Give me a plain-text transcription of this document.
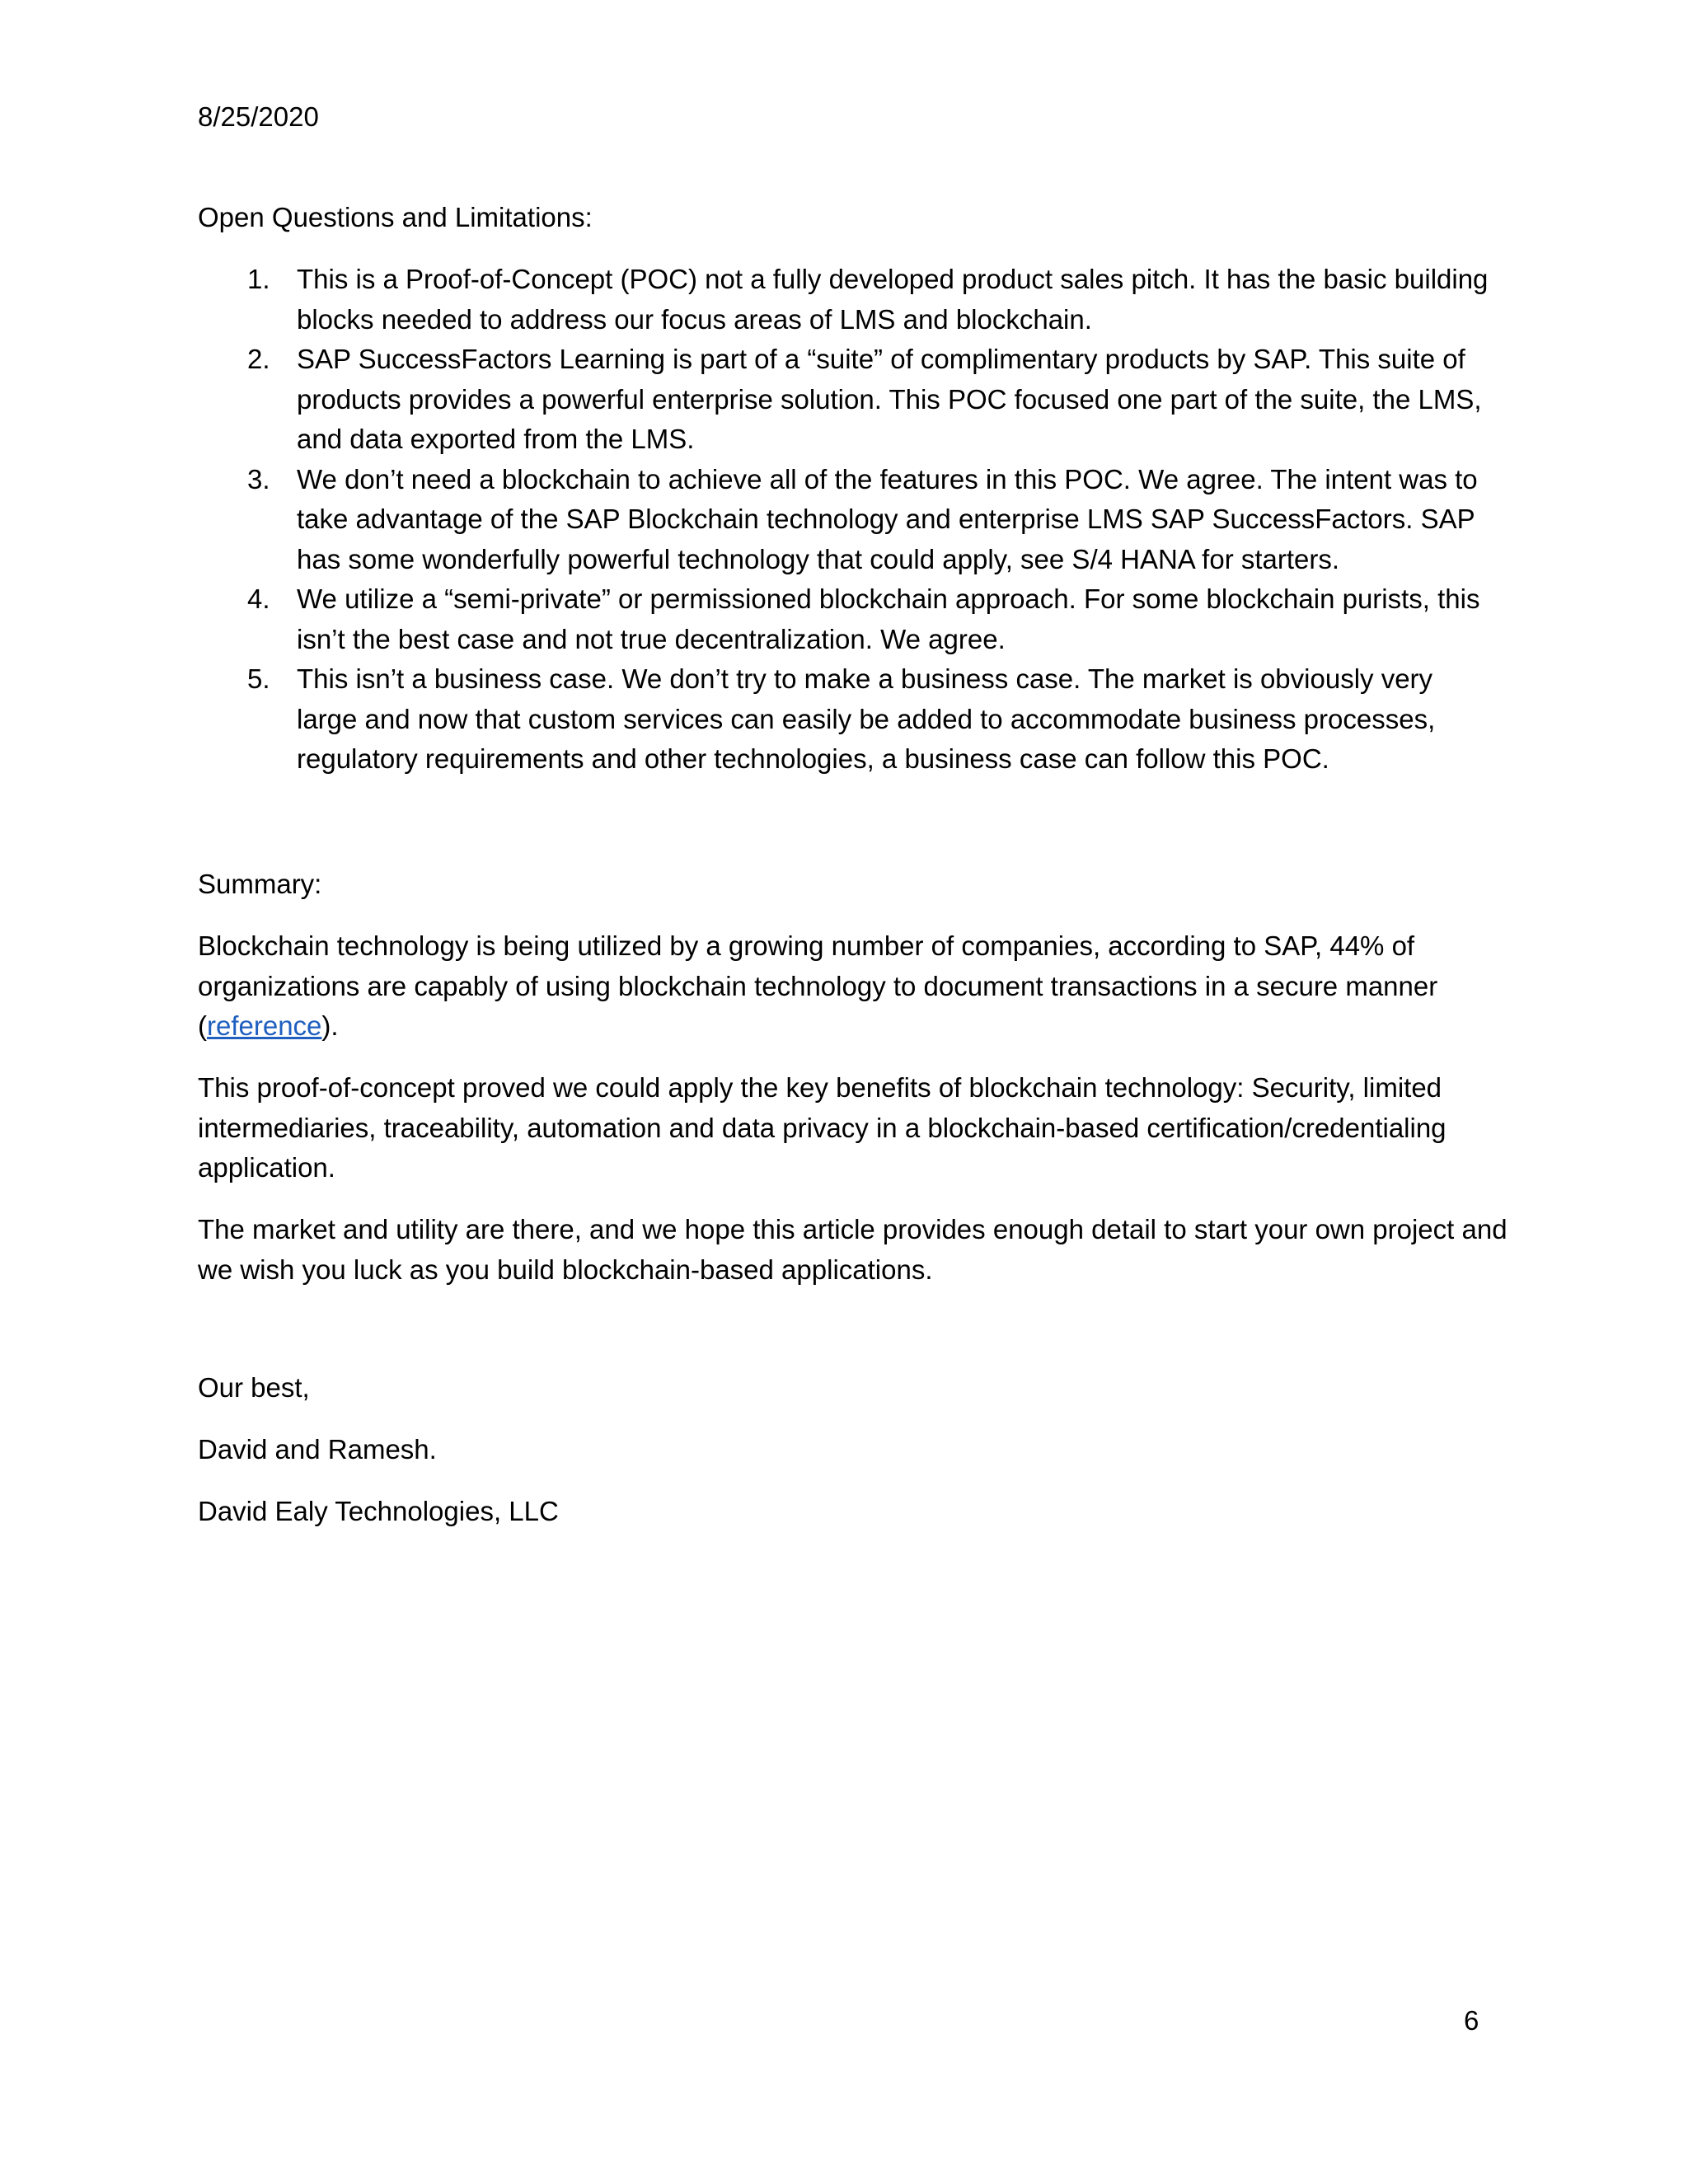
8/25/2020

Open Questions and Limitations:

1. This is a Proof-of-Concept (POC) not a fully developed product sales pitch. It has the basic building blocks needed to address our focus areas of LMS and blockchain.
2. SAP SuccessFactors Learning is part of a “suite” of complimentary products by SAP. This suite of products provides a powerful enterprise solution. This POC focused one part of the suite, the LMS, and data exported from the LMS.
3. We don’t need a blockchain to achieve all of the features in this POC. We agree. The intent was to take advantage of the SAP Blockchain technology and enterprise LMS SAP SuccessFactors. SAP has some wonderfully powerful technology that could apply, see S/4 HANA for starters.
4. We utilize a “semi-private” or permissioned blockchain approach. For some blockchain purists, this isn’t the best case and not true decentralization. We agree.
5. This isn’t a business case. We don’t try to make a business case. The market is obviously very large and now that custom services can easily be added to accommodate business processes, regulatory requirements and other technologies, a business case can follow this POC.

Summary:

Blockchain technology is being utilized by a growing number of companies, according to SAP, 44% of organizations are capably of using blockchain technology to document transactions in a secure manner (reference).

This proof-of-concept proved we could apply the key benefits of blockchain technology: Security, limited intermediaries, traceability, automation and data privacy in a blockchain-based certification/credentialing application.

The market and utility are there, and we hope this article provides enough detail to start your own project and we wish you luck as you build blockchain-based applications.

Our best,

David and Ramesh.

David Ealy Technologies, LLC

6
